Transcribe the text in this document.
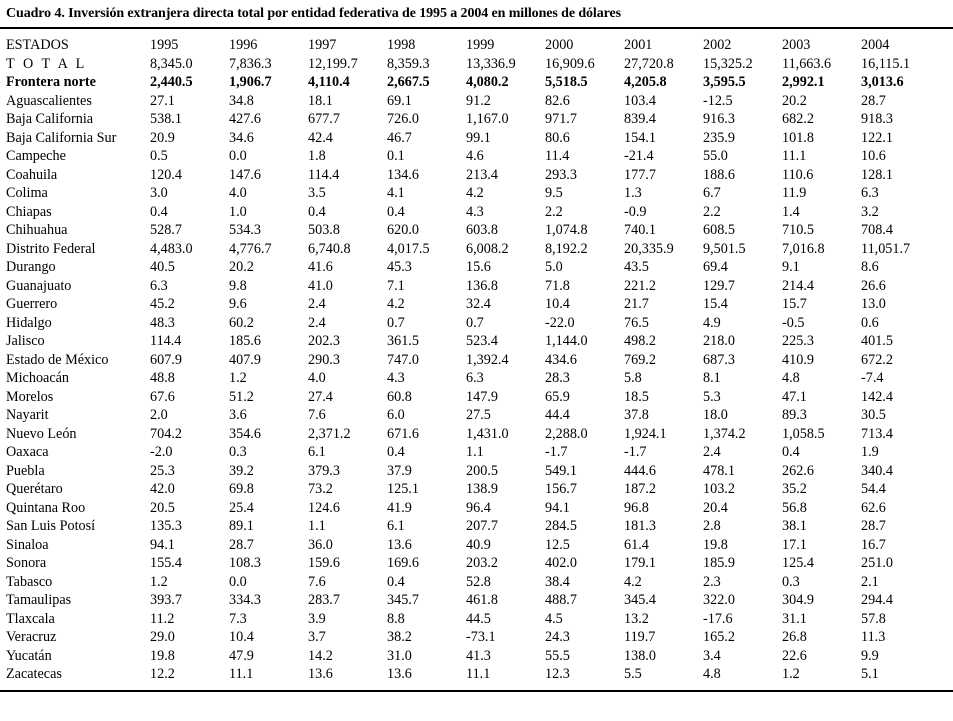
Cuadro 4. Inversión extranjera directa total por entidad federativa de 1995 a 2004 en millones de dólares
ESTADOS	1995	1996	1997	1998	1999	2000	2001	2002	2003	2004
T O T A L	8,345.0	7,836.3	12,199.7	8,359.3	13,336.9	16,909.6	27,720.8	15,325.2	11,663.6	16,115.1
Frontera norte	2,440.5	1,906.7	4,110.4	2,667.5	4,080.2	5,518.5	4,205.8	3,595.5	2,992.1	3,013.6
Aguascalientes	27.1	34.8	18.1	69.1	91.2	82.6	103.4	-12.5	20.2	28.7
Baja California	538.1	427.6	677.7	726.0	1,167.0	971.7	839.4	916.3	682.2	918.3
Baja California Sur	20.9	34.6	42.4	46.7	99.1	80.6	154.1	235.9	101.8	122.1
Campeche	0.5	0.0	1.8	0.1	4.6	11.4	-21.4	55.0	11.1	10.6
Coahuila	120.4	147.6	114.4	134.6	213.4	293.3	177.7	188.6	110.6	128.1
Colima	3.0	4.0	3.5	4.1	4.2	9.5	1.3	6.7	11.9	6.3
Chiapas	0.4	1.0	0.4	0.4	4.3	2.2	-0.9	2.2	1.4	3.2
Chihuahua	528.7	534.3	503.8	620.0	603.8	1,074.8	740.1	608.5	710.5	708.4
Distrito Federal	4,483.0	4,776.7	6,740.8	4,017.5	6,008.2	8,192.2	20,335.9	9,501.5	7,016.8	11,051.7
Durango	40.5	20.2	41.6	45.3	15.6	5.0	43.5	69.4	9.1	8.6
Guanajuato	6.3	9.8	41.0	7.1	136.8	71.8	221.2	129.7	214.4	26.6
Guerrero	45.2	9.6	2.4	4.2	32.4	10.4	21.7	15.4	15.7	13.0
Hidalgo	48.3	60.2	2.4	0.7	0.7	-22.0	76.5	4.9	-0.5	0.6
Jalisco	114.4	185.6	202.3	361.5	523.4	1,144.0	498.2	218.0	225.3	401.5
Estado de México	607.9	407.9	290.3	747.0	1,392.4	434.6	769.2	687.3	410.9	672.2
Michoacán	48.8	1.2	4.0	4.3	6.3	28.3	5.8	8.1	4.8	-7.4
Morelos	67.6	51.2	27.4	60.8	147.9	65.9	18.5	5.3	47.1	142.4
Nayarit	2.0	3.6	7.6	6.0	27.5	44.4	37.8	18.0	89.3	30.5
Nuevo León	704.2	354.6	2,371.2	671.6	1,431.0	2,288.0	1,924.1	1,374.2	1,058.5	713.4
Oaxaca	-2.0	0.3	6.1	0.4	1.1	-1.7	-1.7	2.4	0.4	1.9
Puebla	25.3	39.2	379.3	37.9	200.5	549.1	444.6	478.1	262.6	340.4
Querétaro	42.0	69.8	73.2	125.1	138.9	156.7	187.2	103.2	35.2	54.4
Quintana Roo	20.5	25.4	124.6	41.9	96.4	94.1	96.8	20.4	56.8	62.6
San Luis Potosí	135.3	89.1	1.1	6.1	207.7	284.5	181.3	2.8	38.1	28.7
Sinaloa	94.1	28.7	36.0	13.6	40.9	12.5	61.4	19.8	17.1	16.7
Sonora	155.4	108.3	159.6	169.6	203.2	402.0	179.1	185.9	125.4	251.0
Tabasco	1.2	0.0	7.6	0.4	52.8	38.4	4.2	2.3	0.3	2.1
Tamaulipas	393.7	334.3	283.7	345.7	461.8	488.7	345.4	322.0	304.9	294.4
Tlaxcala	11.2	7.3	3.9	8.8	44.5	4.5	13.2	-17.6	31.1	57.8
Veracruz	29.0	10.4	3.7	38.2	-73.1	24.3	119.7	165.2	26.8	11.3
Yucatán	19.8	47.9	14.2	31.0	41.3	55.5	138.0	3.4	22.6	9.9
Zacatecas	12.2	11.1	13.6	13.6	11.1	12.3	5.5	4.8	1.2	5.1
